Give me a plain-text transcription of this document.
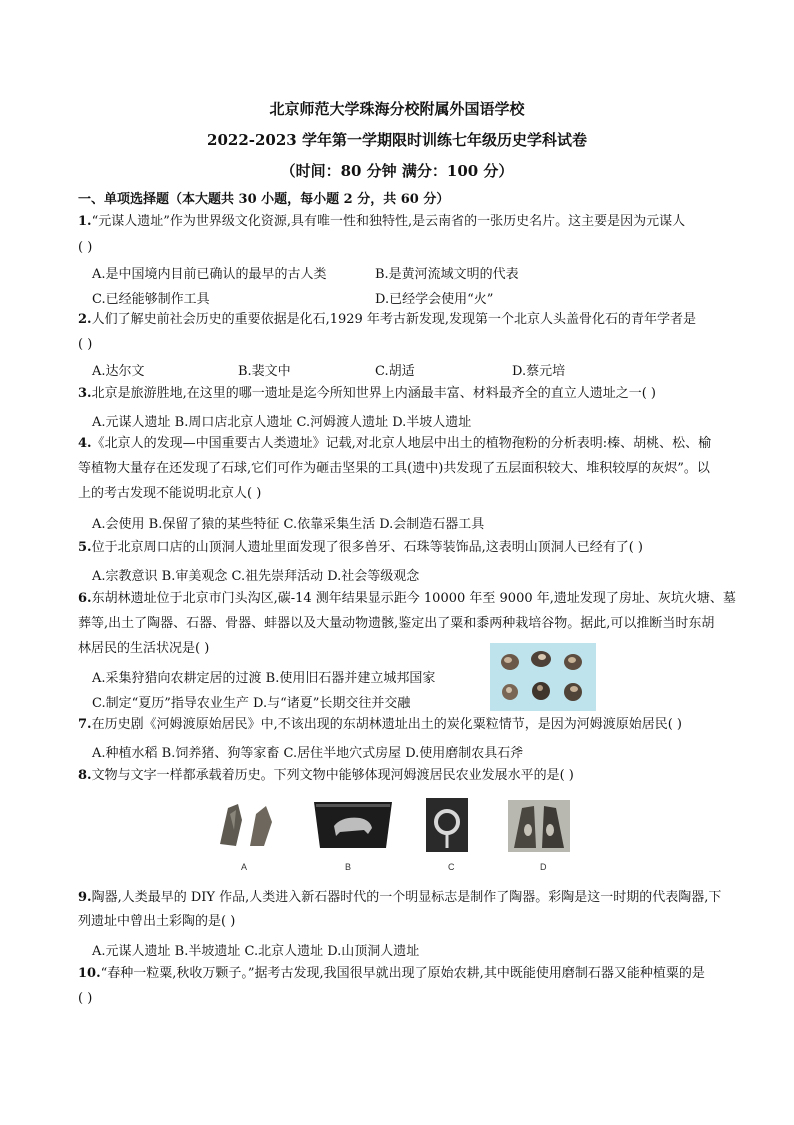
北京师范大学珠海分校附属外国语学校
2022-2023 学年第一学期限时训练七年级历史学科试卷
（时间：80 分钟 满分：100 分）
一、单项选择题（本大题共 30 小题，每小题 2 分，共 60 分）
1.“元谋人遗址”作为世界级文化资源,具有唯一性和独特性,是云南省的一张历史名片。这主要是因为元谋人
( )
A.是中国境内目前已确认的最早的古人类	B.是黄河流域文明的代表
C.已经能够制作工具	D.已经学会使用“火”
2.人们了解史前社会历史的重要依据是化石,1929 年考古新发现,发现第一个北京人头盖骨化石的青年学者是
( )
A.达尔文	B.裴文中	C.胡适	D.蔡元培
3.北京是旅游胜地,在这里的哪一遗址是迄今所知世界上内涵最丰富、材料最齐全的直立人遗址之一( )
A.元谋人遗址 B.周口店北京人遗址 C.河姆渡人遗址 D.半坡人遗址
4.《北京人的发现—中国重要古人类遗址》记载,对北京人地层中出土的植物孢粉的分析表明:榛、胡桃、松、榆
等植物大量存在还发现了石球,它们可作为砸击坚果的工具(遗中)共发现了五层面积较大、堆积较厚的灰烬”。以
上的考古发现不能说明北京人( )
A.会使用 B.保留了猿的某些特征 C.依靠采集生活 D.会制造石器工具
5.位于北京周口店的山顶洞人遗址里面发现了很多兽牙、石珠等装饰品,这表明山顶洞人已经有了( )
A.宗教意识 B.审美观念 C.祖先崇拜活动 D.社会等级观念
6.东胡林遗址位于北京市门头沟区,碳-14 测年结果显示距今 10000 年至 9000 年,遗址发现了房址、灰坑火塘、墓
葬等,出土了陶器、石器、骨器、蚌器以及大量动物遗骸,鉴定出了粟和黍两种栽培谷物。据此,可以推断当时东胡
林居民的生活状况是( )
A.采集狩猎向农耕定居的过渡 B.使用旧石器并建立城邦国家
C.制定“夏历”指导农业生产 D.与“诸夏”长期交往并交融
7.在历史剧《河姆渡原始居民》中,不该出现的东胡林遗址出土的炭化粟粒情节，是因为河姆渡原始居民( )
A.种植水稻 B.饲养猪、狗等家畜 C.居住半地穴式房屋 D.使用磨制农具石斧
8.文物与文字一样都承载着历史。下列文物中能够体现河姆渡居民农业发展水平的是( )
A	B	C	D
9.陶器,人类最早的 DIY 作品,人类进入新石器时代的一个明显标志是制作了陶器。彩陶是这一时期的代表陶器,下
列遗址中曾出土彩陶的是( )
A.元谋人遗址 B.半坡遗址 C.北京人遗址 D.山顶洞人遗址
10.“春种一粒粟,秋收万颗子。”据考古发现,我国很早就出现了原始农耕,其中既能使用磨制石器又能种植粟的是
( )
